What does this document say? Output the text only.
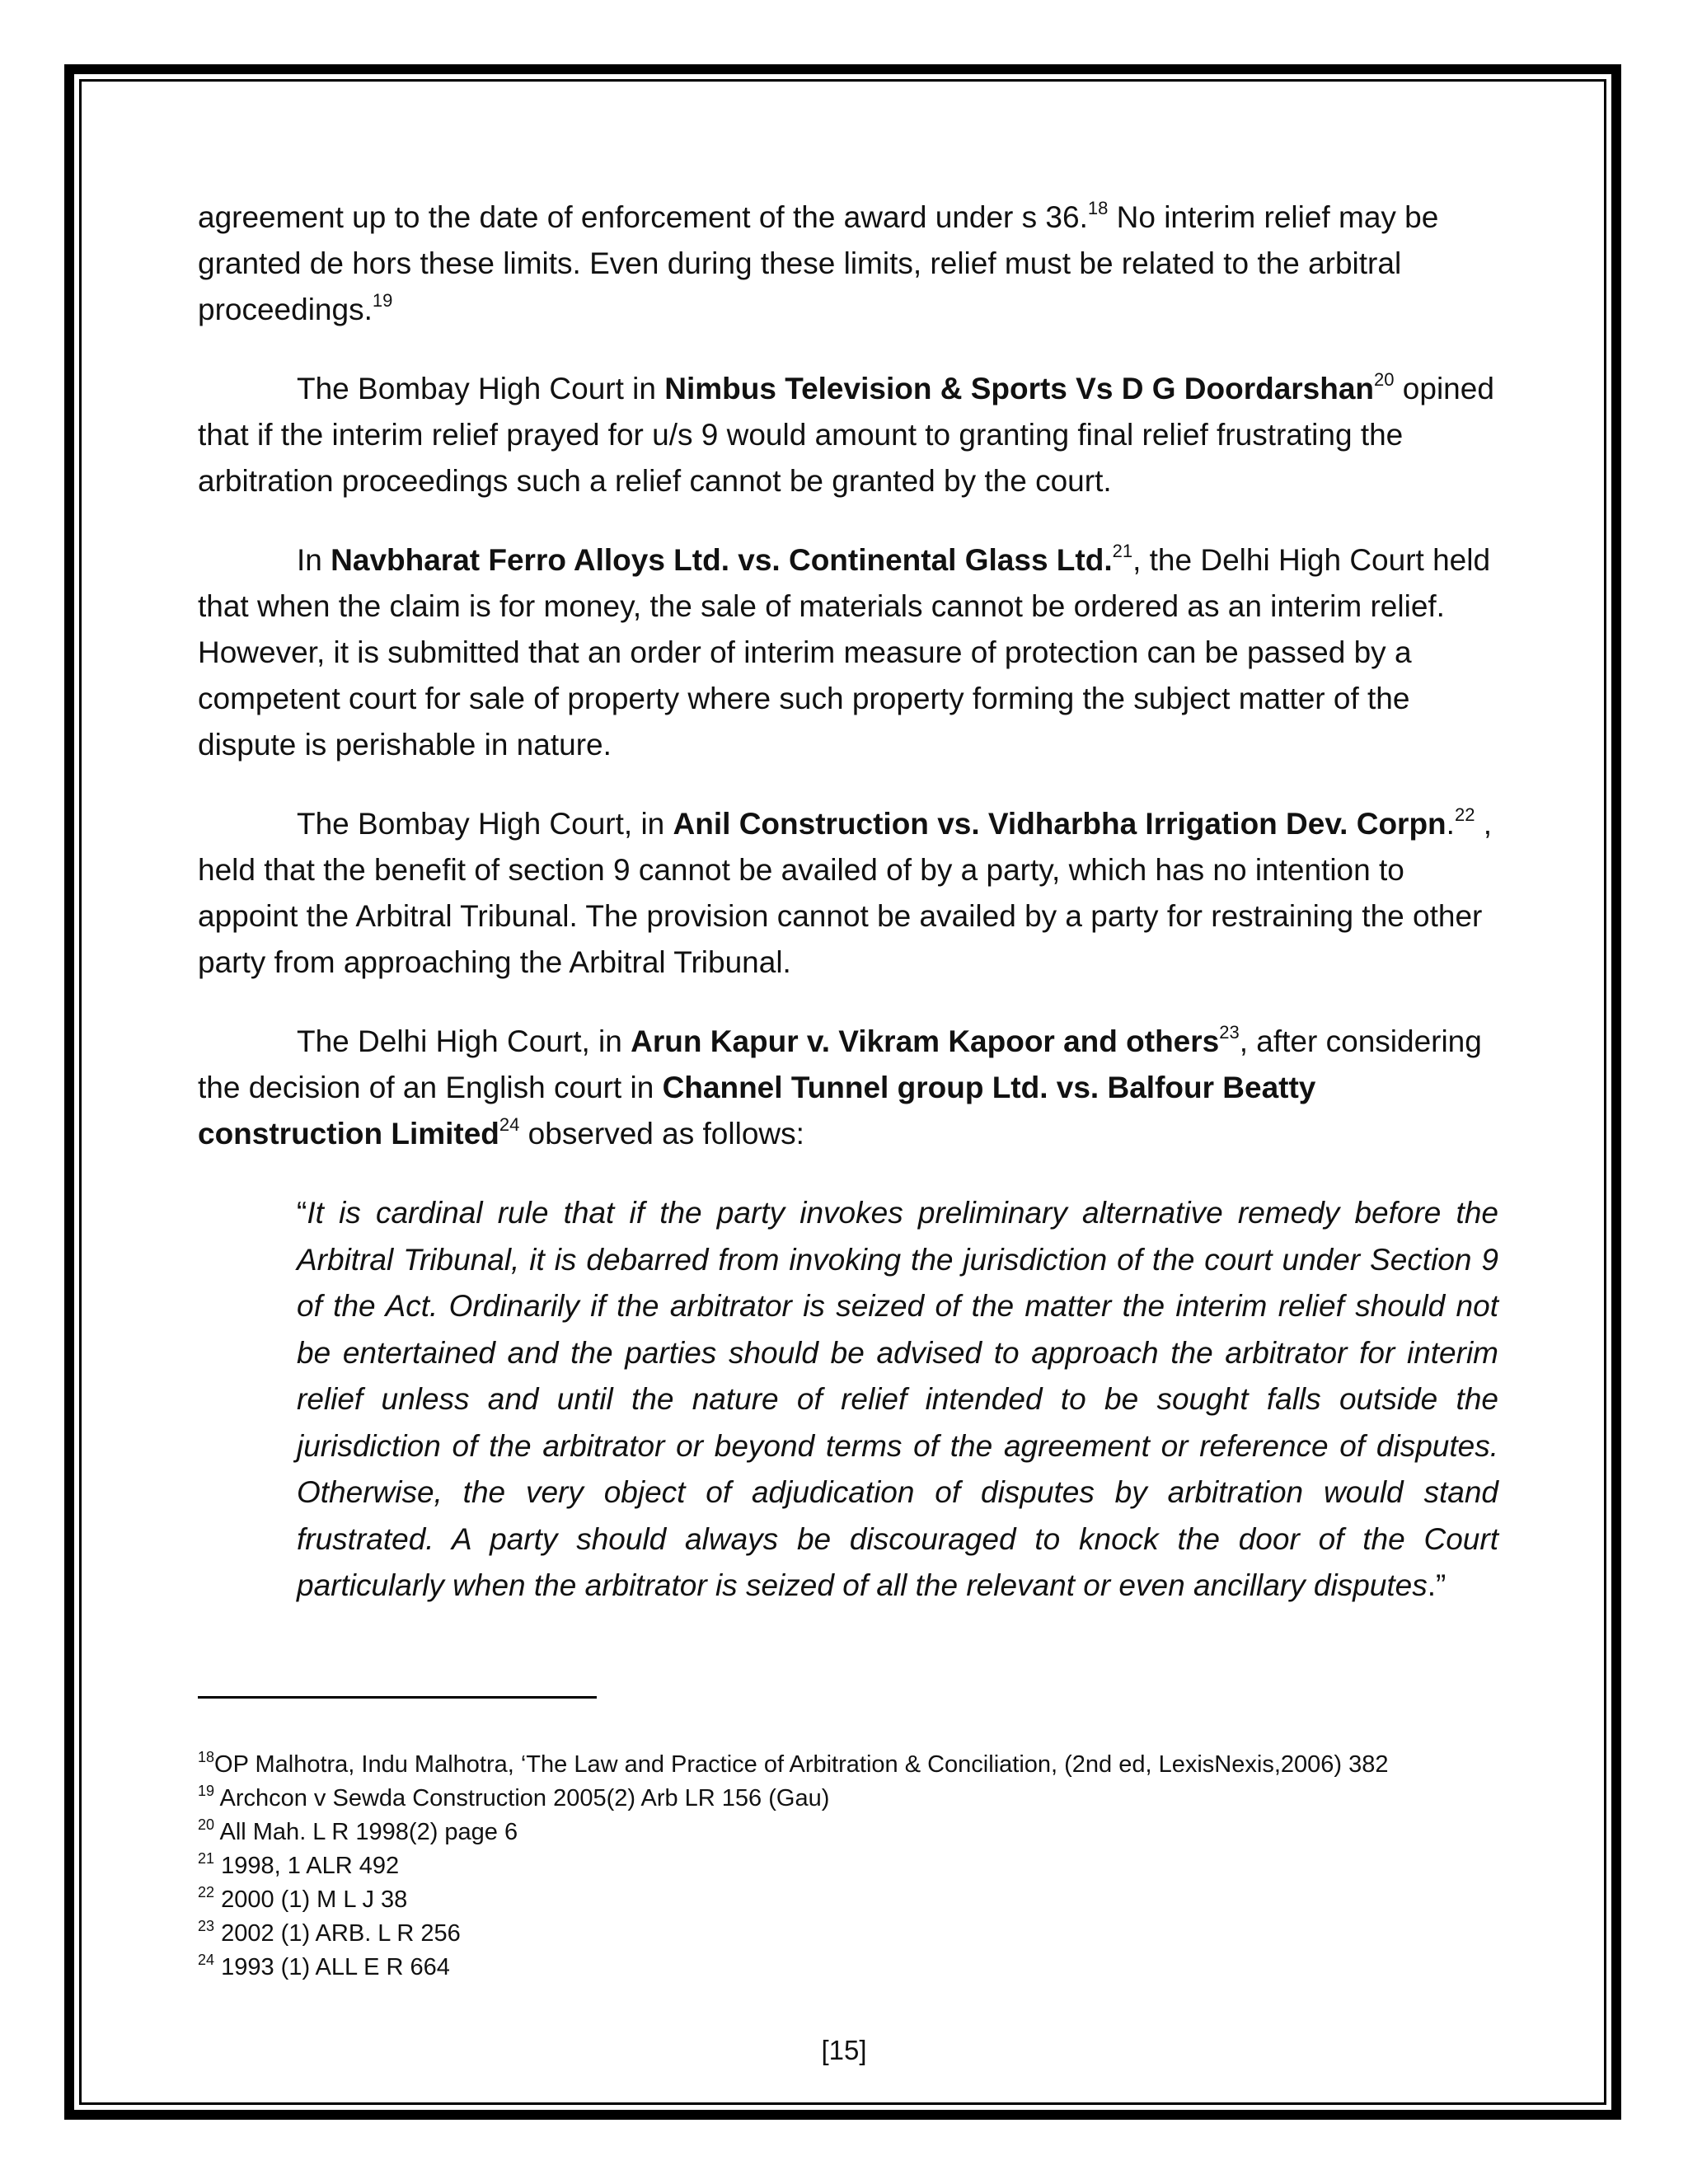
agreement up to the date of enforcement of the award under s 36.18 No interim relief may be granted de hors these limits. Even during these limits, relief must be related to the arbitral proceedings.$^{19}$

The Bombay High Court in Nimbus Television & Sports Vs D G Doordarshan$^{20}$ opined that if the interim relief prayed for u/s 9 would amount to granting final relief frustrating the arbitration proceedings such a relief cannot be granted by the court.

In Navbharat Ferro Alloys Ltd. vs. Continental Glass Ltd.$^{21}$, the Delhi High Court held that when the claim is for money, the sale of materials cannot be ordered as an interim relief. However, it is submitted that an order of interim measure of protection can be passed by a competent court for sale of property where such property forming the subject matter of the dispute is perishable in nature.

The Bombay High Court, in Anil Construction vs. Vidharbha Irrigation Dev. Corpn.$^{22}$ , held that the benefit of section 9 cannot be availed of by a party, which has no intention to appoint the Arbitral Tribunal. The provision cannot be availed by a party for restraining the other party from approaching the Arbitral Tribunal.

The Delhi High Court, in Arun Kapur v. Vikram Kapoor and others$^{23}$, after considering the decision of an English court in Channel Tunnel group Ltd. vs. Balfour Beatty construction Limited$^{24}$ observed as follows:

“It is cardinal rule that if the party invokes preliminary alternative remedy before the Arbitral Tribunal, it is debarred from invoking the jurisdiction of the court under Section 9 of the Act. Ordinarily if the arbitrator is seized of the matter the interim relief should not be entertained and the parties should be advised to approach the arbitrator for interim relief unless and until the nature of relief intended to be sought falls outside the jurisdiction of the arbitrator or beyond terms of the agreement or reference of disputes. Otherwise, the very object of adjudication of disputes by arbitration would stand frustrated. A party should always be discouraged to knock the door of the Court particularly when the arbitrator is seized of all the relevant or even ancillary disputes.”

$^{18}$OP Malhotra, Indu Malhotra, ‘The Law and Practice of Arbitration & Conciliation, (2nd ed, LexisNexis,2006) 382

$^{19}$ Archcon v Sewda Construction 2005(2) Arb LR 156 (Gau)

$^{20}$ All Mah. L R 1998(2) page 6

$^{21}$ 1998, 1 ALR 492

$^{22}$ 2000 (1) M L J 38

$^{23}$ 2002 (1) ARB. L R 256

$^{24}$ 1993 (1) ALL E R 664

[15]
